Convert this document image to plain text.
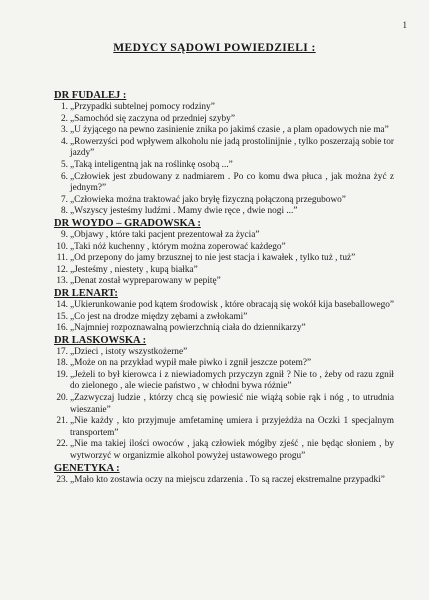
1
MEDYCY SĄDOWI POWIEDZIELI :
DR FUDALEJ :
1. „Przypadki subtelnej pomocy rodziny”
2. „Samochód się zaczyna od przedniej szyby”
3. „U żyjącego na pewno zasinienie znika po jakimś czasie , a plam opadowych nie ma”
4. „Rowerzyści pod wpływem alkoholu nie jadą prostolinijnie , tylko poszerzają sobie tor jazdy”
5. „Taką inteligentną jak na roślinkę osobą ...”
6. „Człowiek jest zbudowany z nadmiarem . Po co komu dwa płuca , jak można żyć z jednym?”
7. „Człowieka można traktować jako bryłę fizyczną połączoną przegubowo”
8. „Wszyscy jesteśmy ludźmi . Mamy dwie ręce , dwie nogi ...”
DR WOYDO – GRADOWSKA :
9. „Objawy , które taki pacjent prezentował za życia”
10. „Taki nóż kuchenny , którym można zoperować każdego”
11. „Od przepony do jamy brzusznej to nie jest stacja i kawałek , tylko tuż , tuż”
12. „Jesteśmy , niestety , kupą białka”
13. „Denat został wypreparowany w pepitę”
DR LENART:
14. „Ukierunkowanie pod kątem środowisk , które obracają się wokół kija baseballowego”
15. „Co jest na drodze między zębami a zwłokami”
16. „Najmniej rozpoznawalną powierzchnią ciała do dziennikarzy”
DR LASKOWSKA :
17. „Dzieci , istoty wszystkożerne”
18. „Może on na przykład wypił małe piwko i zgnił jeszcze potem?”
19. „Jeżeli to był kierowca i z niewiadomych przyczyn zgnił ? Nie to , żeby od razu zgnił do zielonego , ale wiecie państwo , w chłodni bywa różnie”
20. „Zazwyczaj ludzie , którzy chcą się powiesić nie wiążą sobie rąk i nóg , to utrudnia wieszanie”
21. „Nie każdy , kto przyjmuje amfetaminę umiera i przyjeżdża na Oczki 1 specjalnym transportem”
22. „Nie ma takiej ilości owoców , jaką człowiek mógłby zjeść , nie będąc słoniem , by wytworzyć w organizmie alkohol powyżej ustawowego progu”
GENETYKA :
23. „Mało kto zostawia oczy na miejscu zdarzenia . To są raczej ekstremalne przypadki”
